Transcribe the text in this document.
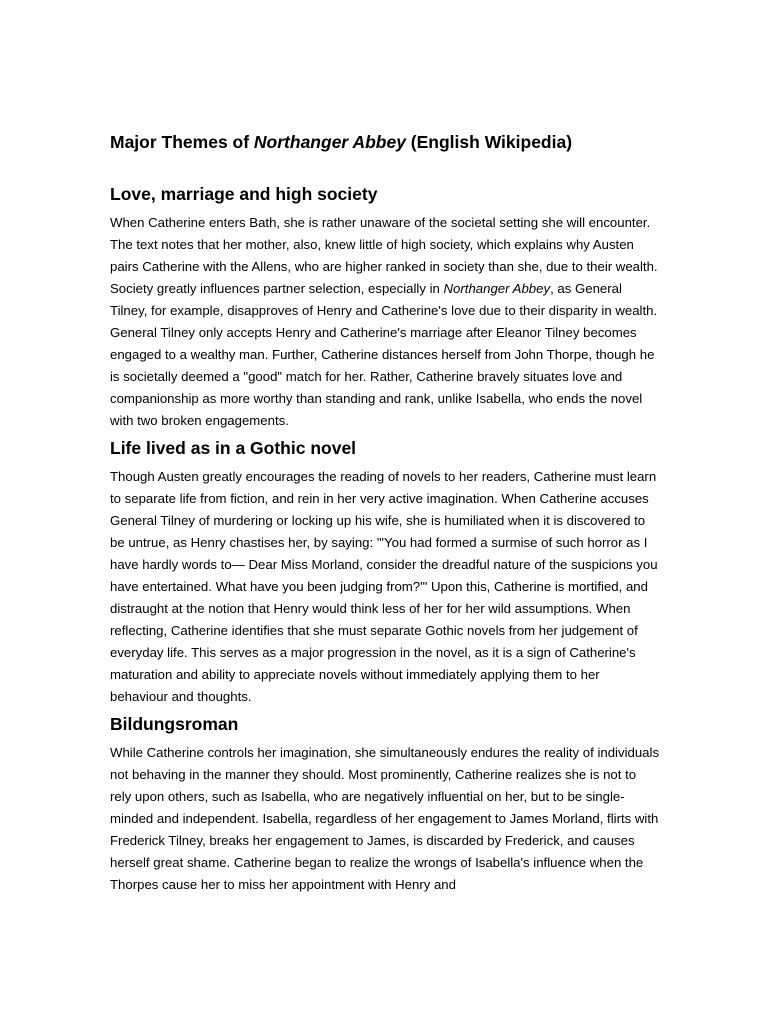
Major Themes of Northanger Abbey (English Wikipedia)
Love, marriage and high society

When Catherine enters Bath, she is rather unaware of the societal setting she will encounter. The text notes that her mother, also, knew little of high society, which explains why Austen pairs Catherine with the Allens, who are higher ranked in society than she, due to their wealth. Society greatly influences partner selection, especially in Northanger Abbey, as General Tilney, for example, disapproves of Henry and Catherine's love due to their disparity in wealth. General Tilney only accepts Henry and Catherine's marriage after Eleanor Tilney becomes engaged to a wealthy man. Further, Catherine distances herself from John Thorpe, though he is societally deemed a "good" match for her. Rather, Catherine bravely situates love and companionship as more worthy than standing and rank, unlike Isabella, who ends the novel with two broken engagements.

Life lived as in a Gothic novel

Though Austen greatly encourages the reading of novels to her readers, Catherine must learn to separate life from fiction, and rein in her very active imagination. When Catherine accuses General Tilney of murdering or locking up his wife, she is humiliated when it is discovered to be untrue, as Henry chastises her, by saying: "'You had formed a surmise of such horror as I have hardly words to— Dear Miss Morland, consider the dreadful nature of the suspicions you have entertained. What have you been judging from?'" Upon this, Catherine is mortified, and distraught at the notion that Henry would think less of her for her wild assumptions. When reflecting, Catherine identifies that she must separate Gothic novels from her judgement of everyday life. This serves as a major progression in the novel, as it is a sign of Catherine's maturation and ability to appreciate novels without immediately applying them to her behaviour and thoughts.

Bildungsroman

While Catherine controls her imagination, she simultaneously endures the reality of individuals not behaving in the manner they should. Most prominently, Catherine realizes she is not to rely upon others, such as Isabella, who are negatively influential on her, but to be single-minded and independent. Isabella, regardless of her engagement to James Morland, flirts with Frederick Tilney, breaks her engagement to James, is discarded by Frederick, and causes herself great shame. Catherine began to realize the wrongs of Isabella's influence when the Thorpes cause her to miss her appointment with Henry and
